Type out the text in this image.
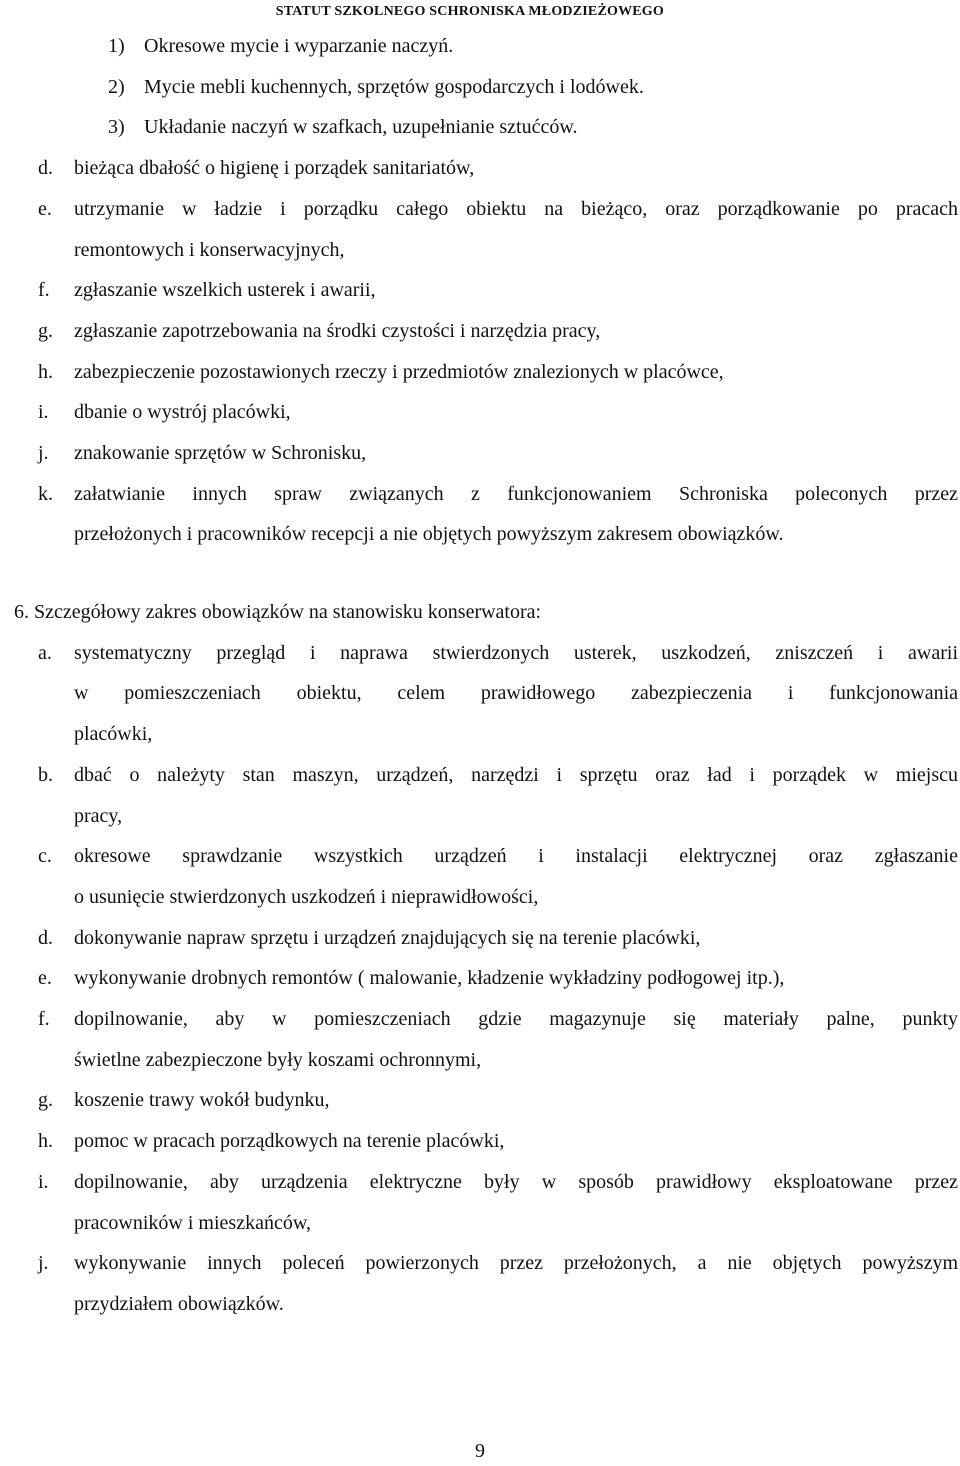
STATUT SZKOLNEGO SCHRONISKA MŁODZIEŻOWEGO
1) Okresowe mycie i wyparzanie naczyń.
2) Mycie mebli kuchennych, sprzętów gospodarczych i lodówek.
3) Układanie naczyń w szafkach, uzupełnianie sztućców.
d. bieżąca dbałość o higienę i porządek sanitariatów,
e. utrzymanie w ładzie i porządku całego obiektu na bieżąco, oraz porządkowanie po pracach
remontowych i konserwacyjnych,
f. zgłaszanie wszelkich usterek i awarii,
g. zgłaszanie zapotrzebowania na środki czystości i narzędzia pracy,
h. zabezpieczenie pozostawionych rzeczy i przedmiotów znalezionych w placówce,
i. dbanie o wystrój placówki,
j. znakowanie sprzętów w Schronisku,
k. załatwianie innych spraw związanych z funkcjonowaniem Schroniska poleconych przez
przełożonych i pracowników recepcji a nie objętych powyższym zakresem obowiązków.
6. Szczegółowy zakres obowiązków na stanowisku konserwatora:
a. systematyczny przegląd i naprawa stwierdzonych usterek, uszkodzeń, zniszczeń i awarii
w pomieszczeniach obiektu, celem prawidłowego zabezpieczenia i funkcjonowania
placówki,
b. dbać o należyty stan maszyn, urządzeń, narzędzi i sprzętu oraz ład i porządek w miejscu
pracy,
c. okresowe sprawdzanie wszystkich urządzeń i instalacji elektrycznej oraz zgłaszanie
o usunięcie stwierdzonych uszkodzeń i nieprawidłowości,
d. dokonywanie napraw sprzętu i urządzeń znajdujących się na terenie placówki,
e. wykonywanie drobnych remontów ( malowanie, kładzenie wykładziny podłogowej itp.),
f. dopilnowanie, aby w pomieszczeniach gdzie magazynuje się materiały palne, punkty
świetlne zabezpieczone były koszami ochronnymi,
g. koszenie trawy wokół budynku,
h. pomoc w pracach porządkowych na terenie placówki,
i. dopilnowanie, aby urządzenia elektryczne były w sposób prawidłowy eksploatowane przez
pracowników i mieszkańców,
j. wykonywanie innych poleceń powierzonych przez przełożonych, a nie objętych powyższym
przydziałem obowiązków.
9
